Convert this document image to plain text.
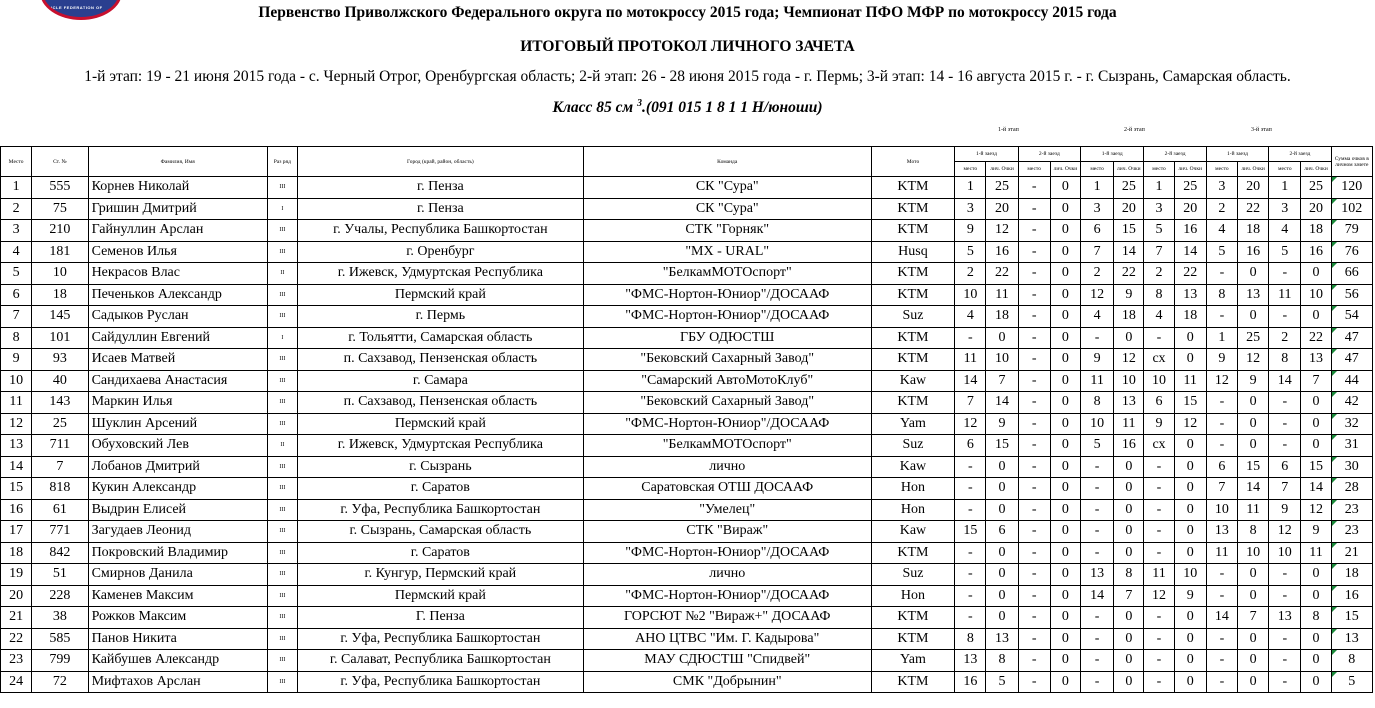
ICLE FEDERATION OF	Первенство Приволжского Федерального округа по мотокроссу 2015 года; Чемпионат ПФО МФР по мотокроссу 2015 года
ИТОГОВЫЙ ПРОТОКОЛ ЛИЧНОГО ЗАЧЕТА
1-й этап: 19 - 21 июня 2015 года - с. Черный Отрог, Оренбургская область; 2-й этап: 26 - 28 июня 2015 года - г. Пермь; 3-й этап: 14 - 16 августа 2015 г. - г. Сызрань, Самарская область.
Класс 85 см $^3$.(091 015 1 8 1 1 Н/юноши)
1-й этап	2-й этап	3-й этап
Место	Ст. №	Фамилия, Имя	Раз ряд	Город (край, район, область)	Команда	Мото	1-й заезд		2-й заезд		1-й заезд		2-й заезд		1-й заезд		2-й заезд		Сумма очков в личном зачете
							место	лич. Очки	место	лич. Очки	место	лич. Очки	место	лич. Очки	место	лич. Очки	место	лич. Очки	
1	555	Корнев Николай	III	г. Пенза	СК "Сура"	KTM	1	25	-	0	1	25	1	25	3	20	1	25	120
2	75	Гришин Дмитрий	I	г. Пенза	СК "Сура"	KTM	3	20	-	0	3	20	3	20	2	22	3	20	102
3	210	Гайнуллин Арслан	III	г. Учалы, Республика Башкортостан	СТК "Горняк"	KTM	9	12	-	0	6	15	5	16	4	18	4	18	79
4	181	Семенов Илья	III	г. Оренбург	"МХ - URAL"	Husq	5	16	-	0	7	14	7	14	5	16	5	16	76
5	10	Некрасов Влас	II	г. Ижевск, Удмуртская Республика	"БелкамМОТОспорт"	KTM	2	22	-	0	2	22	2	22	-	0	-	0	66
6	18	Печеньков Александр	III	Пермский край	"ФМС-Нортон-Юниор"/ДОСААФ	KTM	10	11	-	0	12	9	8	13	8	13	11	10	56
7	145	Садыков Руслан	III	г. Пермь	"ФМС-Нортон-Юниор"/ДОСААФ	Suz	4	18	-	0	4	18	4	18	-	0	-	0	54
8	101	Сайдуллин Евгений	I	г. Тольятти, Самарская область	ГБУ ОДЮСТШ	KTM	-	0	-	0	-	0	-	0	1	25	2	22	47
9	93	Исаев Матвей	III	п. Сахзавод, Пензенская область	"Бековский Сахарный Завод"	KTM	11	10	-	0	9	12	сх	0	9	12	8	13	47
10	40	Сандихаева Анастасия	III	г. Самара	"Самарский АвтоМотоКлуб"	Kaw	14	7	-	0	11	10	10	11	12	9	14	7	44
11	143	Маркин Илья	III	п. Сахзавод, Пензенская область	"Бековский Сахарный Завод"	KTM	7	14	-	0	8	13	6	15	-	0	-	0	42
12	25	Шуклин Арсений	III	Пермский край	"ФМС-Нортон-Юниор"/ДОСААФ	Yam	12	9	-	0	10	11	9	12	-	0	-	0	32
13	711	Обуховский Лев	II	г. Ижевск, Удмуртская Республика	"БелкамМОТОспорт"	Suz	6	15	-	0	5	16	сх	0	-	0	-	0	31
14	7	Лобанов Дмитрий	III	г. Сызрань	лично	Kaw	-	0	-	0	-	0	-	0	6	15	6	15	30
15	818	Кукин Александр	III	г. Саратов	Саратовская ОТШ ДОСААФ	Hon	-	0	-	0	-	0	-	0	7	14	7	14	28
16	61	Выдрин Елисей	III	г. Уфа, Республика Башкортостан	"Умелец"	Hon	-	0	-	0	-	0	-	0	10	11	9	12	23
17	771	Загудаев Леонид	III	г. Сызрань, Самарская область	СТК "Вираж"	Kaw	15	6	-	0	-	0	-	0	13	8	12	9	23
18	842	Покровский Владимир	III	г. Саратов	"ФМС-Нортон-Юниор"/ДОСААФ	KTM	-	0	-	0	-	0	-	0	11	10	10	11	21
19	51	Смирнов Данила	III	г. Кунгур, Пермский край	лично	Suz	-	0	-	0	13	8	11	10	-	0	-	0	18
20	228	Каменев Максим	III	Пермский край	"ФМС-Нортон-Юниор"/ДОСААФ	Hon	-	0	-	0	14	7	12	9	-	0	-	0	16
21	38	Рожков Максим	III	Г. Пенза	ГОРСЮТ №2 "Вираж+" ДОСААФ	KTM	-	0	-	0	-	0	-	0	14	7	13	8	15
22	585	Панов Никита	III	г. Уфа, Республика Башкортостан	АНО ЦТВС "Им. Г. Кадырова"	KTM	8	13	-	0	-	0	-	0	-	0	-	0	13
23	799	Кайбушев Александр	III	г. Салават, Республика Башкортостан	МАУ СДЮСТШ "Спидвей"	Yam	13	8	-	0	-	0	-	0	-	0	-	0	8
24	72	Мифтахов Арслан	III	г. Уфа, Республика Башкортостан	СМК "Добрынин"	KTM	16	5	-	0	-	0	-	0	-	0	-	0	5
